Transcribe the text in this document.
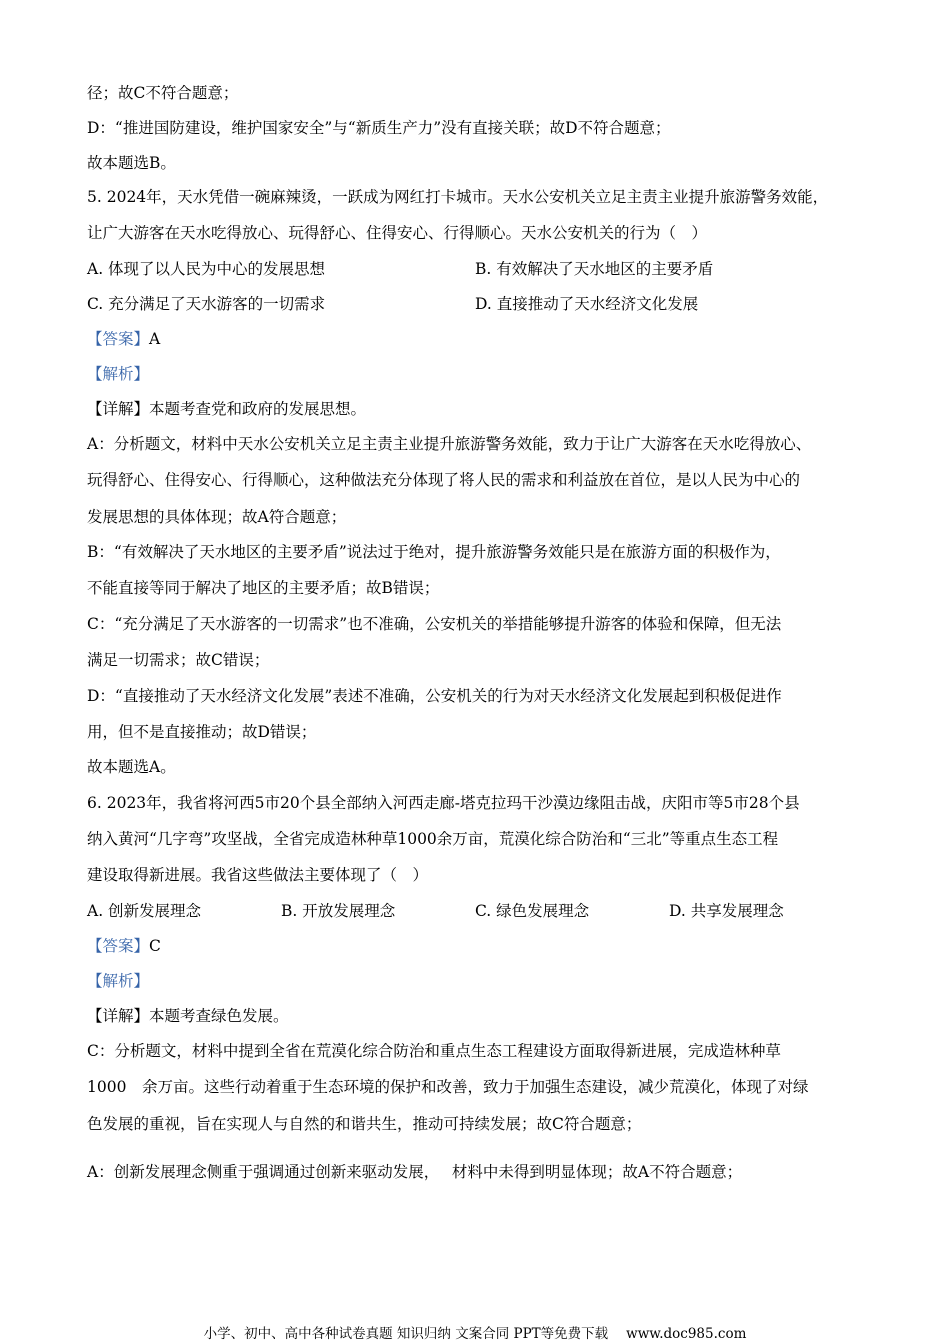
径；故C不符合题意；
D：“推进国防建设，维护国家安全”与“新质生产力”没有直接关联；故D不符合题意；
故本题选B。
5. 2024年，天水凭借一碗麻辣烫，一跃成为网红打卡城市。天水公安机关立足主责主业提升旅游警务效能，
让广大游客在天水吃得放心、玩得舒心、住得安心、行得顺心。天水公安机关的行为（　）
A. 体现了以人民为中心的发展思想	B. 有效解决了天水地区的主要矛盾
C. 充分满足了天水游客的一切需求	D. 直接推动了天水经济文化发展
【答案】A
【解析】
【详解】本题考查党和政府的发展思想。
A：分析题文，材料中天水公安机关立足主责主业提升旅游警务效能，致力于让广大游客在天水吃得放心、
玩得舒心、住得安心、行得顺心，这种做法充分体现了将人民的需求和利益放在首位，是以人民为中心的
发展思想的具体体现；故A符合题意；
B：“有效解决了天水地区的主要矛盾”说法过于绝对，提升旅游警务效能只是在旅游方面的积极作为，
不能直接等同于解决了地区的主要矛盾；故B错误；
C：“充分满足了天水游客的一切需求”也不准确，公安机关的举措能够提升游客的体验和保障，但无法
满足一切需求；故C错误；
D：“直接推动了天水经济文化发展”表述不准确，公安机关的行为对天水经济文化发展起到积极促进作
用，但不是直接推动；故D错误；
故本题选A。
6. 2023年，我省将河西5市20个县全部纳入河西走廊-塔克拉玛干沙漠边缘阻击战，庆阳市等5市28个县
纳入黄河“几字弯”攻坚战，全省完成造林种草1000余万亩，荒漠化综合防治和“三北”等重点生态工程
建设取得新进展。我省这些做法主要体现了（　）
A. 创新发展理念	B. 开放发展理念	C. 绿色发展理念	D. 共享发展理念
【答案】C
【解析】
【详解】本题考查绿色发展。
C：分析题文，材料中提到全省在荒漠化综合防治和重点生态工程建设方面取得新进展，完成造林种草
1000　余万亩。这些行动着重于生态环境的保护和改善，致力于加强生态建设，减少荒漠化，体现了对绿
色发展的重视，旨在实现人与自然的和谐共生，推动可持续发展；故C符合题意；
A：创新发展理念侧重于强调通过创新来驱动发展，　 材料中未得到明显体现；故A不符合题意；
小学、初中、高中各种试卷真题 知识归纳 文案合同 PPT等免费下载 www.doc985.com
